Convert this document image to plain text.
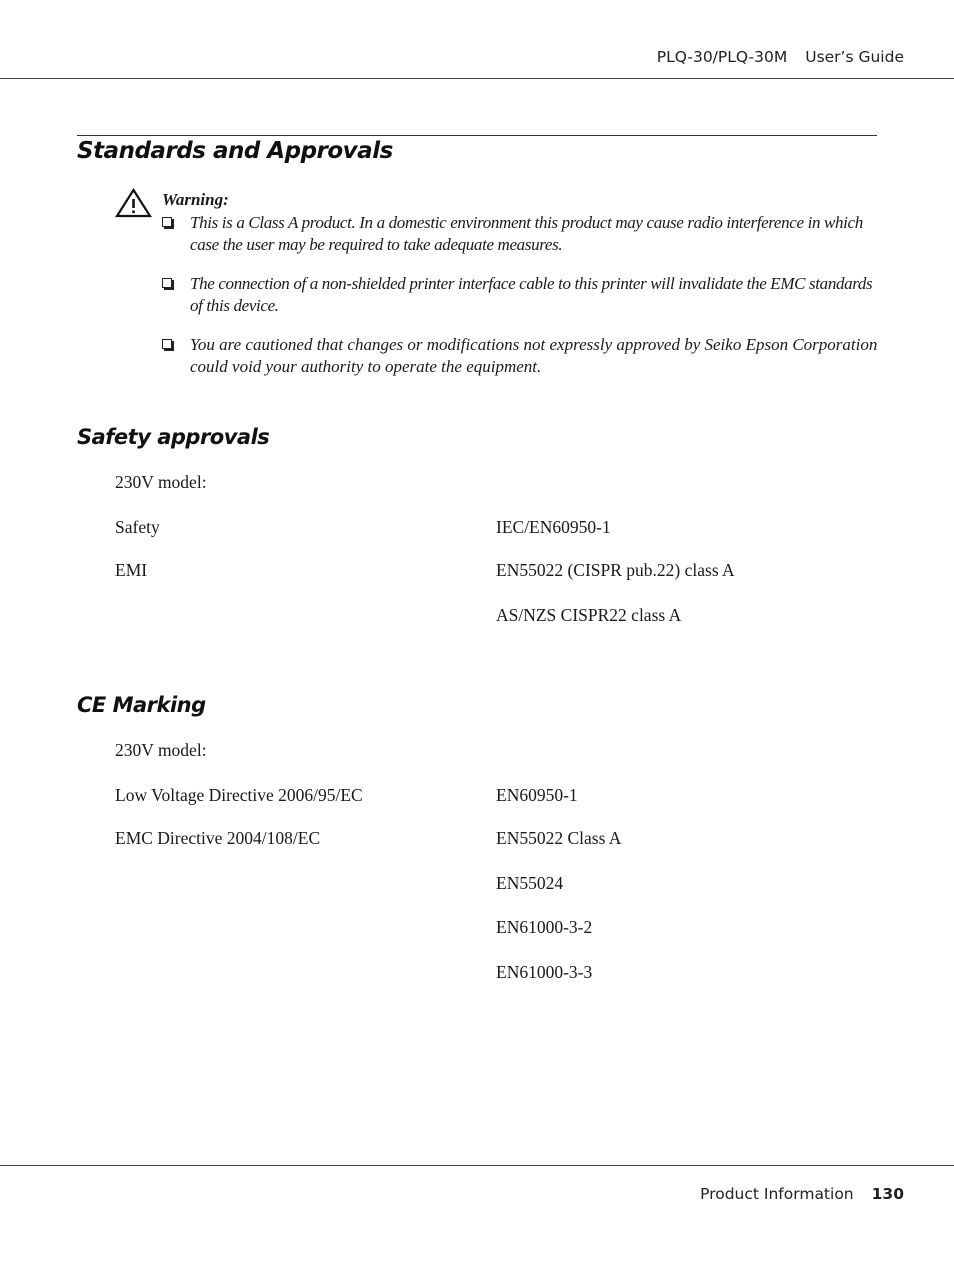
PLQ-30/PLQ-30M User’s Guide
Standards and Approvals
Warning:
This is a Class A product. In a domestic environment this product may cause radio interference in which case the user may be required to take adequate measures.
The connection of a non-shielded printer interface cable to this printer will invalidate the EMC standards of this device.
You are cautioned that changes or modifications not expressly approved by Seiko Epson Corporation could void your authority to operate the equipment.
Safety approvals
230V model:
Safety	IEC/EN60950-1
EMI	EN55022 (CISPR pub.22) class A
AS/NZS CISPR22 class A
CE Marking
230V model:
Low Voltage Directive 2006/95/EC	EN60950-1
EMC Directive 2004/108/EC	EN55022 Class A
EN55024
EN61000-3-2
EN61000-3-3
Product Information 130
